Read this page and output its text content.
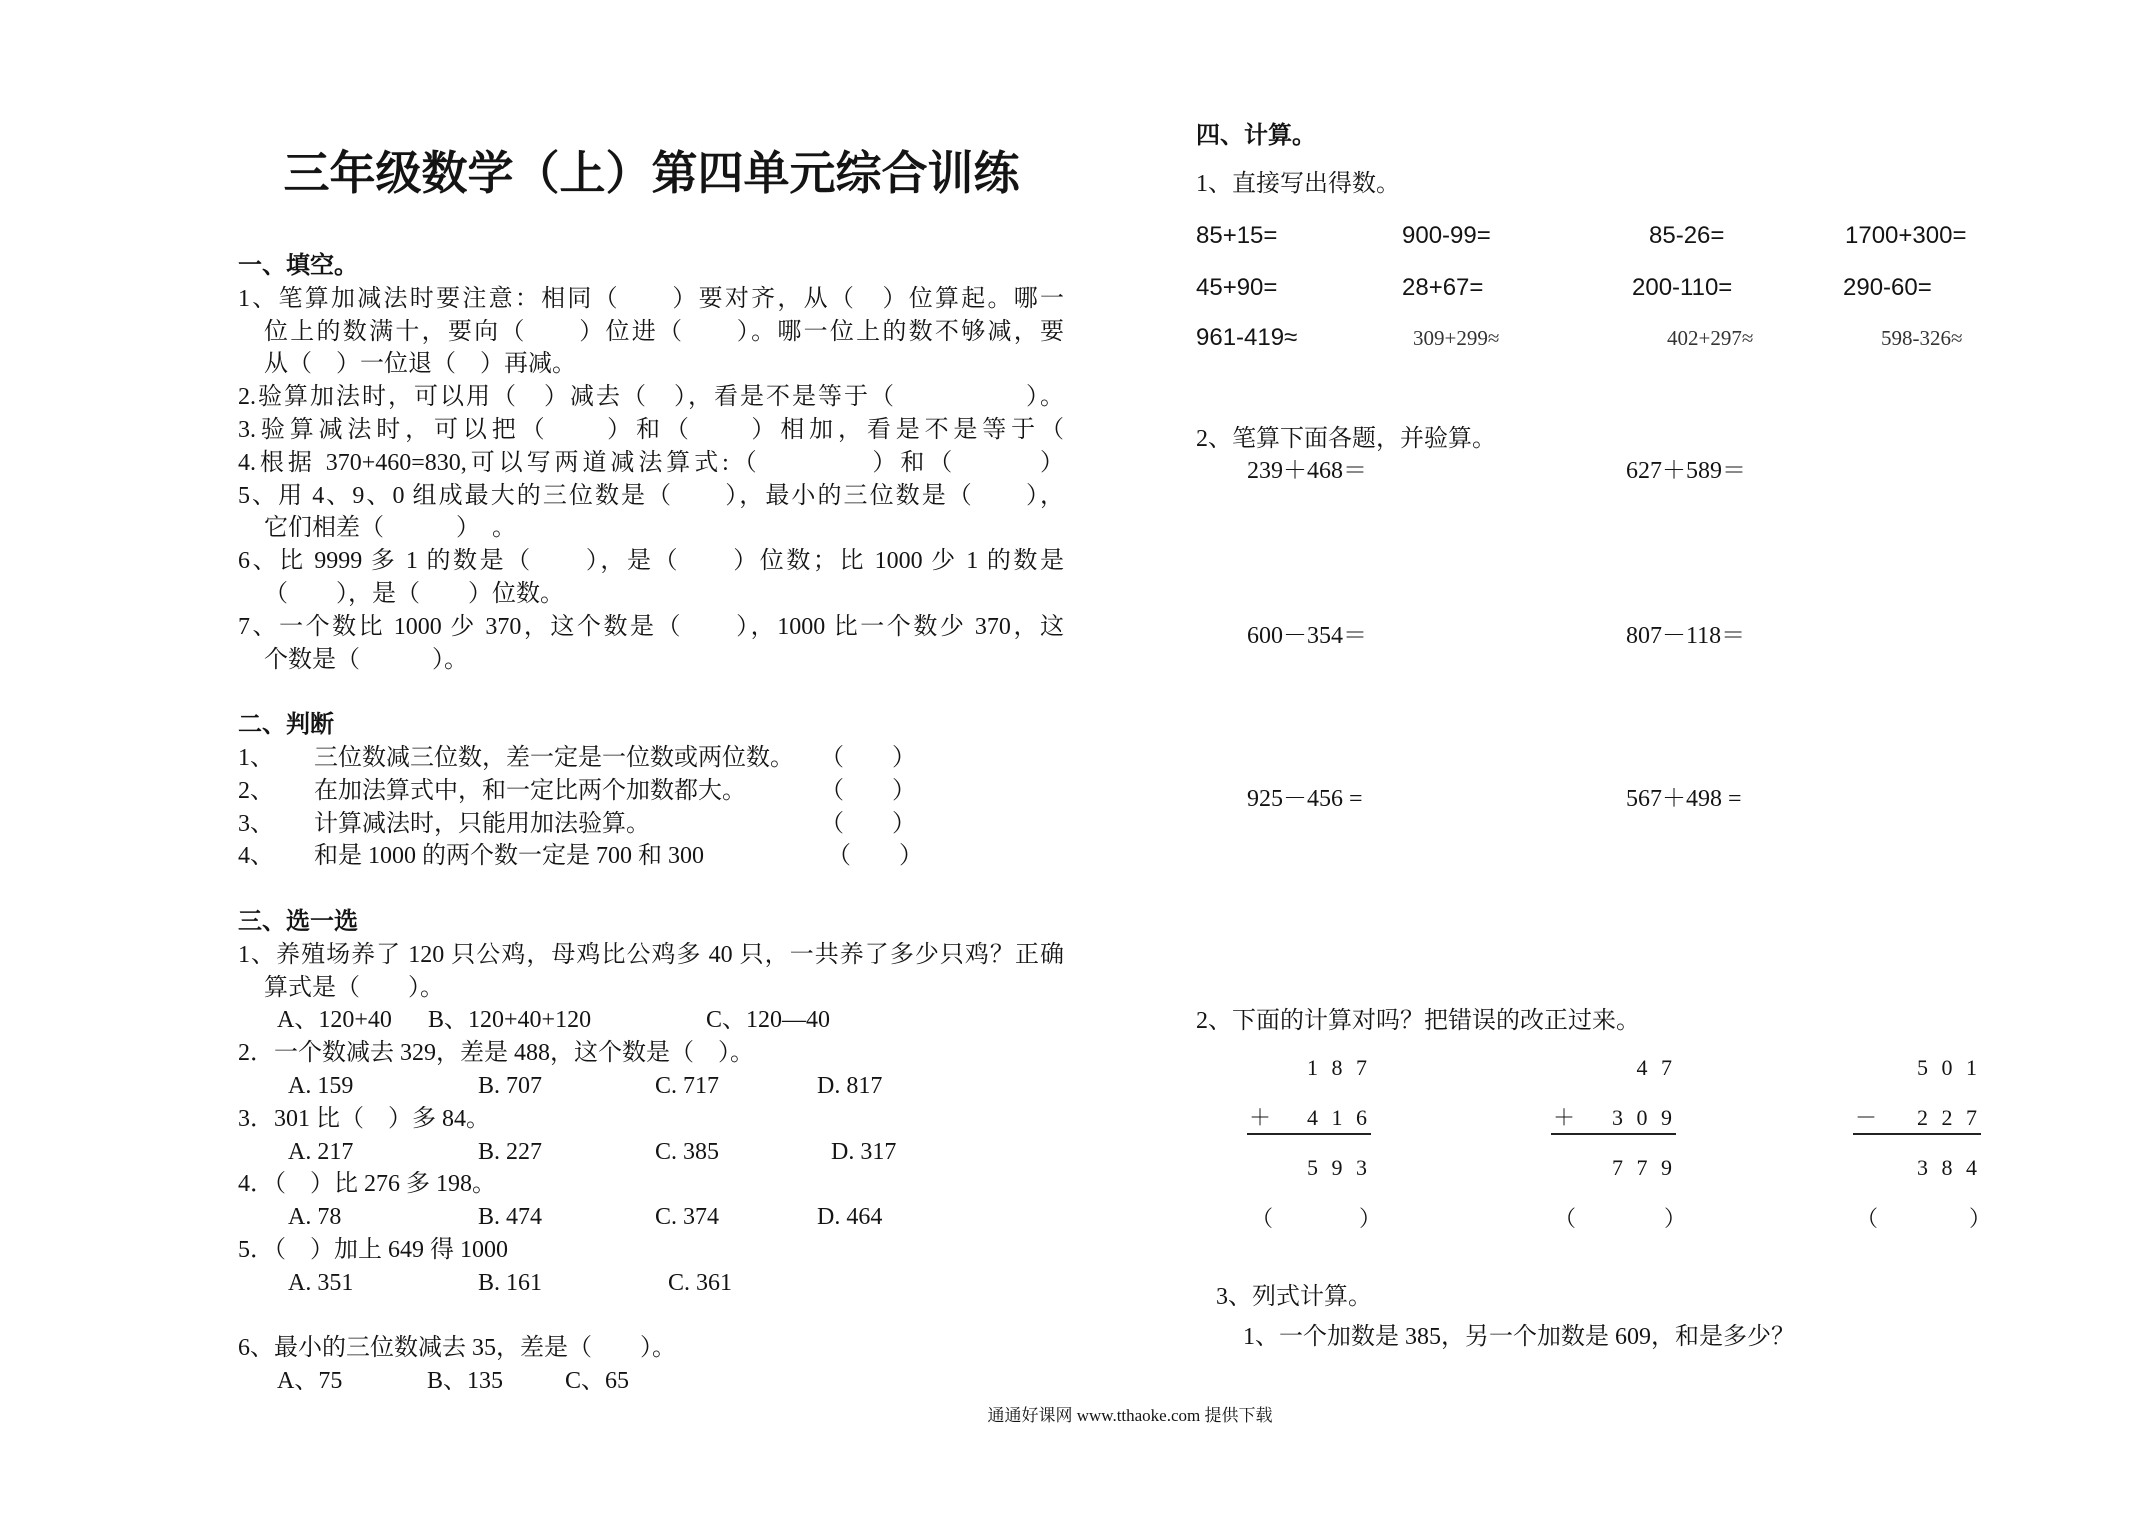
三年级数学（上）第四单元综合训练
一、填空。
1、笔算加减法时要注意：相同（　　）要对齐，从（　）位算起。哪一
位上的数满十，要向（　　）位进（　　）。哪一位上的数不够减，要
从（　）一位退（　）再减。
2.验算加法时，可以用（　）减去（　），看是不是等于（　　　　　）。
3.验算减法时，可以把（　　）和（　　）相加，看是不是等于（
4.根据 370+460=830,可以写两道减法算式:（　　　　）和（　　　）
5、用 4、9、0 组成最大的三位数是（　　），最小的三位数是（　　），
它们相差（　　　）　。
6、比 9999 多 1 的数是（　　），是（　　）位数；比 1000 少 1 的数是
（　　），是（　　）位数。
7、一个数比 1000 少 370，这个数是（　　），1000 比一个数少 370，这
个数是（　　　）。
二、判断
1、 三位数减三位数，差一定是一位数或两位数。 （　　）
2、 在加法算式中，和一定比两个加数都大。	（　　）
3、 计算减法时，只能用加法验算。	（　　）
4、 和是 1000 的两个数一定是 700 和 300	（　　）
三、选一选
1、养殖场养了 120 只公鸡，母鸡比公鸡多 40 只，一共养了多少只鸡？正确
算式是（　　）。
A、120+40 B、120+40+120	C、120—40
2．一个数减去 329，差是 488，这个数是（　）。
A. 159	B. 707	C. 717	D. 817
3．301 比（　）多 84。
A. 217	B. 227	C. 385	D. 317
4．（　）比 276 多 198。
A. 78	B. 474	C. 374	D. 464
5．（　）加上 649 得 1000
A. 351	B. 161	C. 361
6、最小的三位数减去 35，差是（　　）。
A、75	B、135	C、65
四、计算。
1、直接写出得数。
85+15=	900-99=	85-26=	1700+300=
45+90=	28+67=	200-110=	290-60=
961-419≈	309+299≈	402+297≈	598-326≈
2、笔算下面各题，并验算。
239＋468＝	627＋589＝
600－354＝	807－118＝
925－456 =	567＋498 =
2、下面的计算对吗？把错误的改正过来。
1 8 7
＋ 4 1 6
5 9 3
（　　）
4 7
＋ 3 0 9
7 7 9
（　　）
5 0 1
－ 2 2 7
3 8 4
（　　）
3、列式计算。
1、一个加数是 385，另一个加数是 609，和是多少？
通通好课网 www.tthaoke.com 提供下载
